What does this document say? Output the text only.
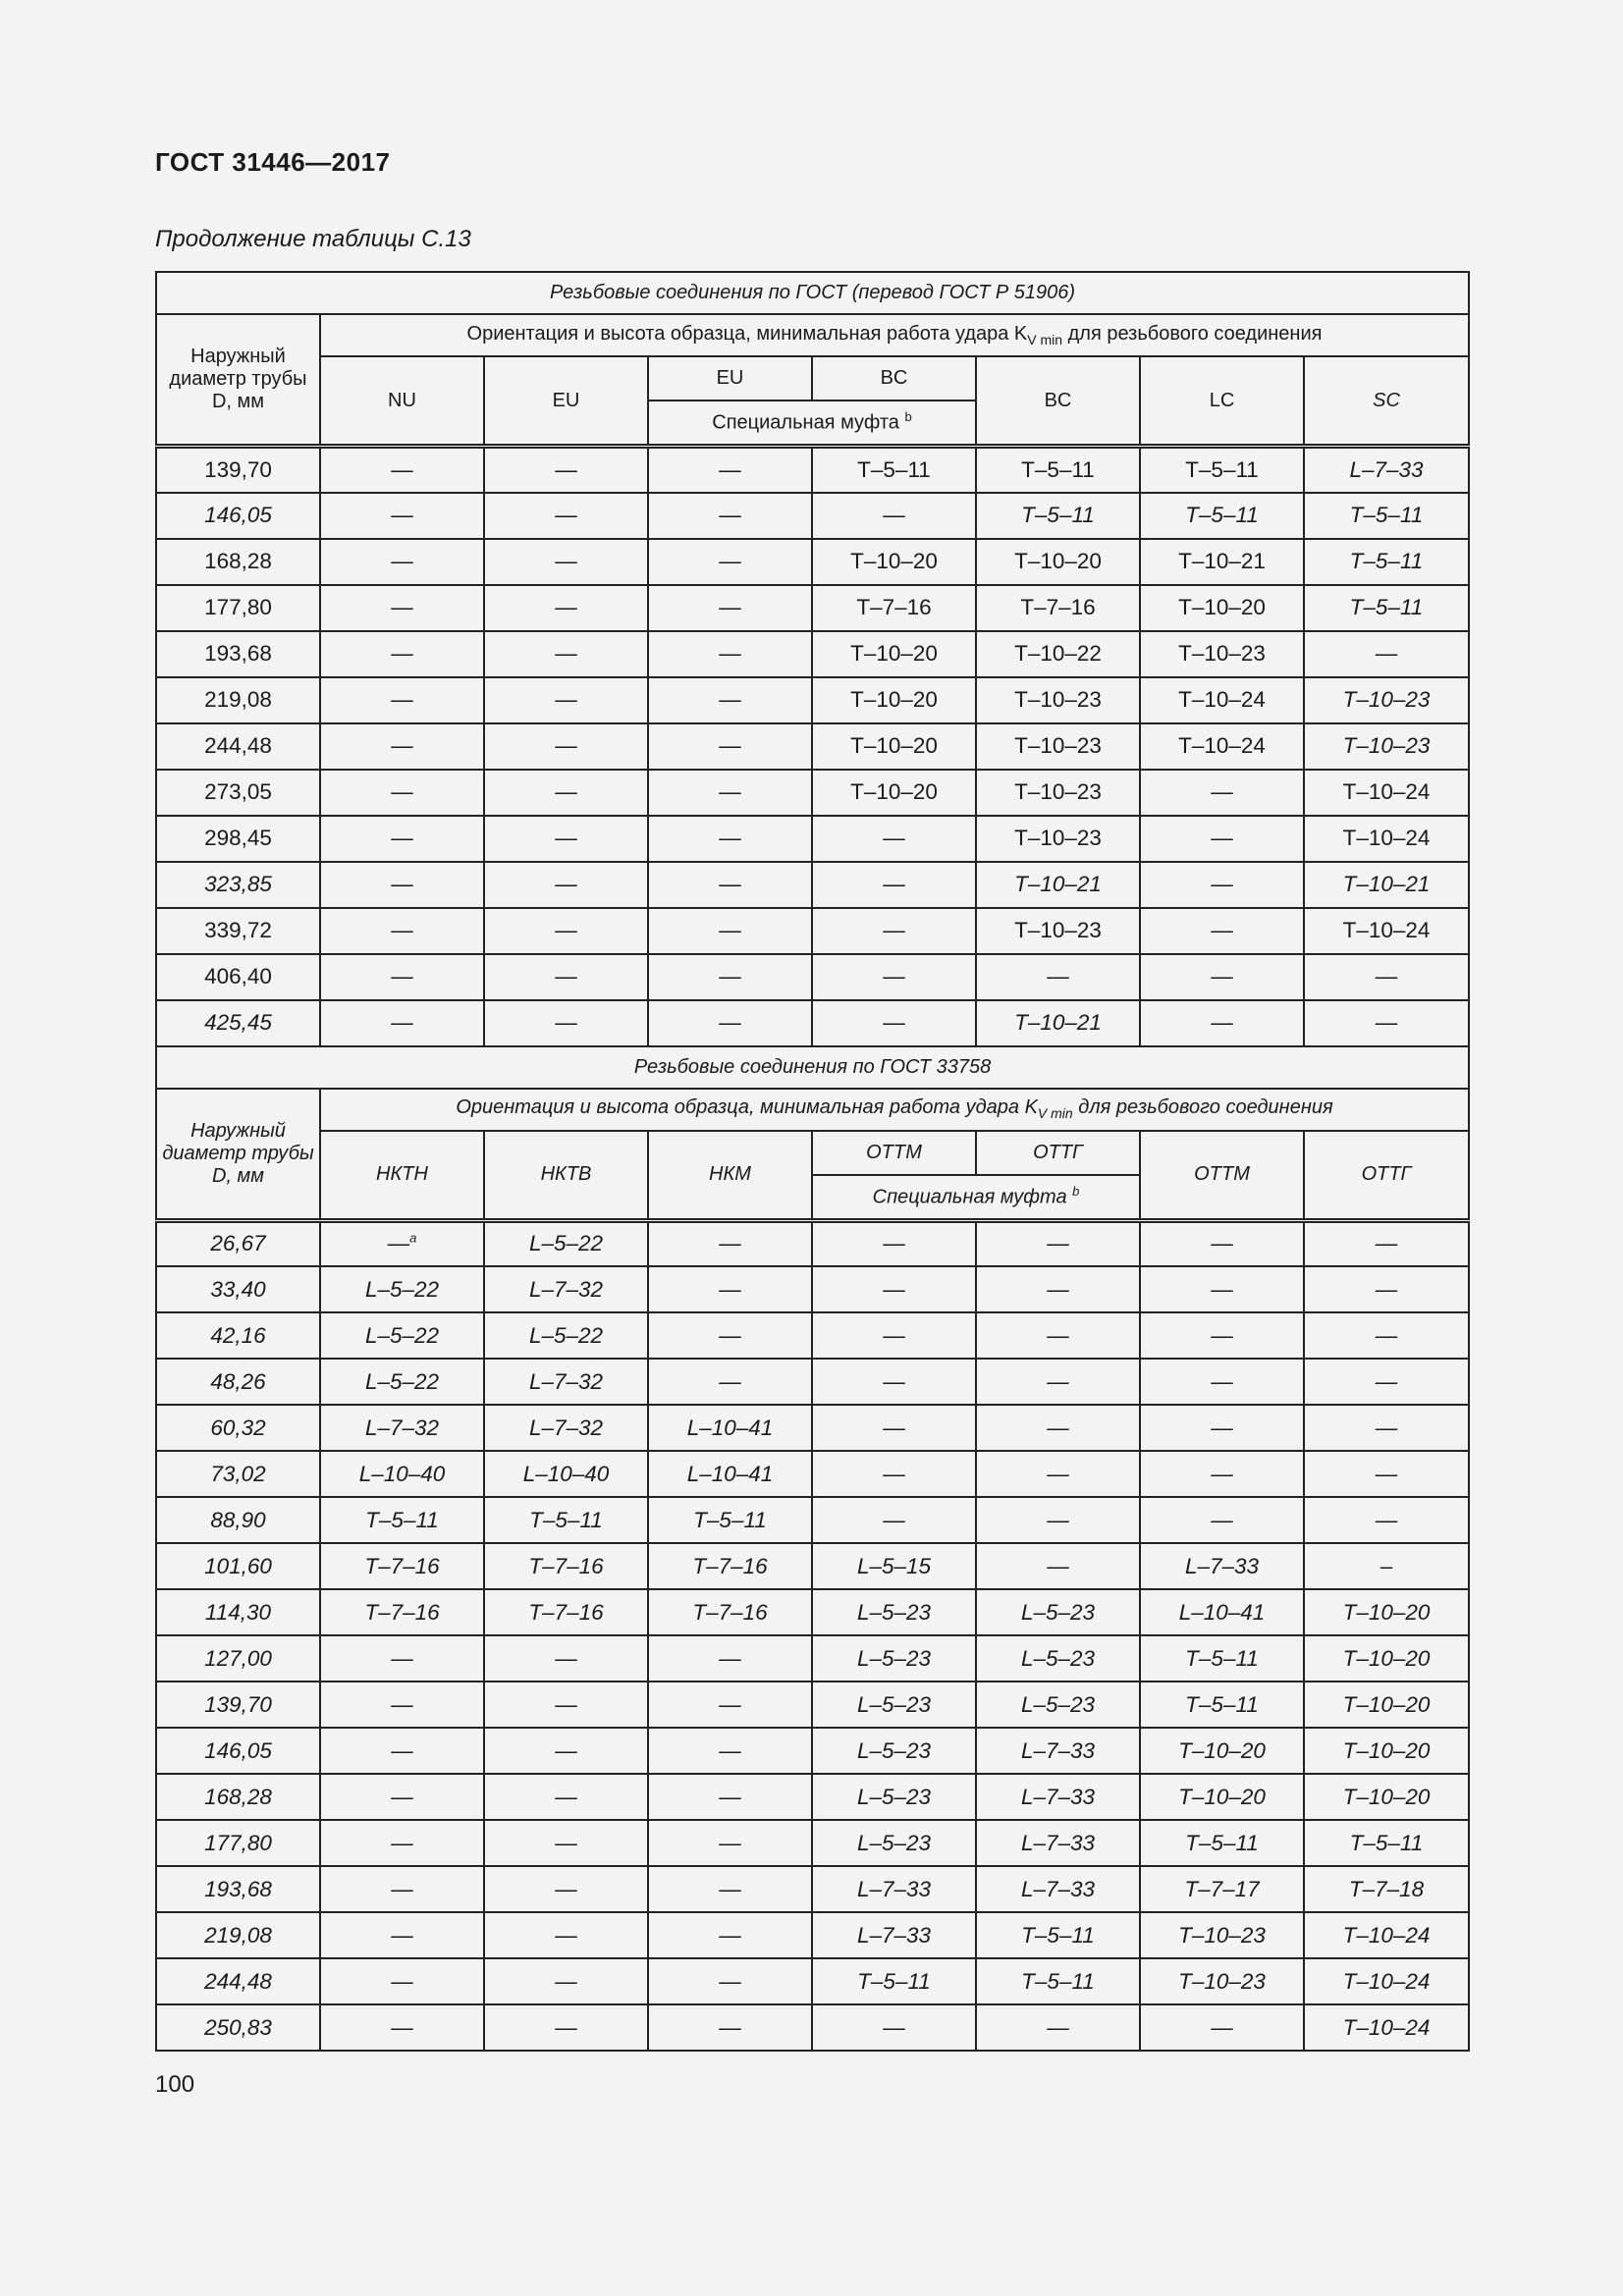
ГОСТ 31446—2017
Продолжение таблицы С.13
Резьбовые соединения по ГОСТ (перевод ГОСТ Р 51906)							
Наружный диаметр трубы D, мм	Ориентация и высота образца, минимальная работа удара $K_{V min}$ для резьбового соединения						
	NU	EU	EU	BC	BC	LC	SC
			Специальная муфта $^b$
139,70	—	—	—	T–5–11	T–5–11	T–5–11	L–7–33
146,05	—	—	—	—	T–5–11	T–5–11	T–5–11
168,28	—	—	—	T–10–20	T–10–20	T–10–21	T–5–11
177,80	—	—	—	T–7–16	T–7–16	T–10–20	T–5–11
193,68	—	—	—	T–10–20	T–10–22	T–10–23	—
219,08	—	—	—	T–10–20	T–10–23	T–10–24	T–10–23
244,48	—	—	—	T–10–20	T–10–23	T–10–24	T–10–23
273,05	—	—	—	T–10–20	T–10–23	—	T–10–24
298,45	—	—	—	—	T–10–23	—	T–10–24
323,85	—	—	—	—	T–10–21	—	T–10–21
339,72	—	—	—	—	T–10–23	—	T–10–24
406,40	—	—	—	—	—	—	—
425,45	—	—	—	—	T–10–21	—	—
Резьбовые соединения по ГОСТ 33758							
Наружный диаметр трубы D, мм	Ориентация и высота образца, минимальная работа удара $K_{V min}$ для резьбового соединения						
	НКТН	НКТВ	НКМ	ОТТМ	ОТТГ	ОТТМ	ОТТГ
				Специальная муфта $^b$
26,67	—$^a$	L–5–22	—	—	—	—	—
33,40	L–5–22	L–7–32	—	—	—	—	—
42,16	L–5–22	L–5–22	—	—	—	—	—
48,26	L–5–22	L–7–32	—	—	—	—	—
60,32	L–7–32	L–7–32	L–10–41	—	—	—	—
73,02	L–10–40	L–10–40	L–10–41	—	—	—	—
88,90	T–5–11	T–5–11	T–5–11	—	—	—	—
101,60	T–7–16	T–7–16	T–7–16	L–5–15	—	L–7–33	–
114,30	T–7–16	T–7–16	T–7–16	L–5–23	L–5–23	L–10–41	T–10–20
127,00	—	—	—	L–5–23	L–5–23	T–5–11	T–10–20
139,70	—	—	—	L–5–23	L–5–23	T–5–11	T–10–20
146,05	—	—	—	L–5–23	L–7–33	T–10–20	T–10–20
168,28	—	—	—	L–5–23	L–7–33	T–10–20	T–10–20
177,80	—	—	—	L–5–23	L–7–33	T–5–11	T–5–11
193,68	—	—	—	L–7–33	L–7–33	T–7–17	T–7–18
219,08	—	—	—	L–7–33	T–5–11	T–10–23	T–10–24
244,48	—	—	—	T–5–11	T–5–11	T–10–23	T–10–24
250,83	—	—	—	—	—	—	T–10–24
100
